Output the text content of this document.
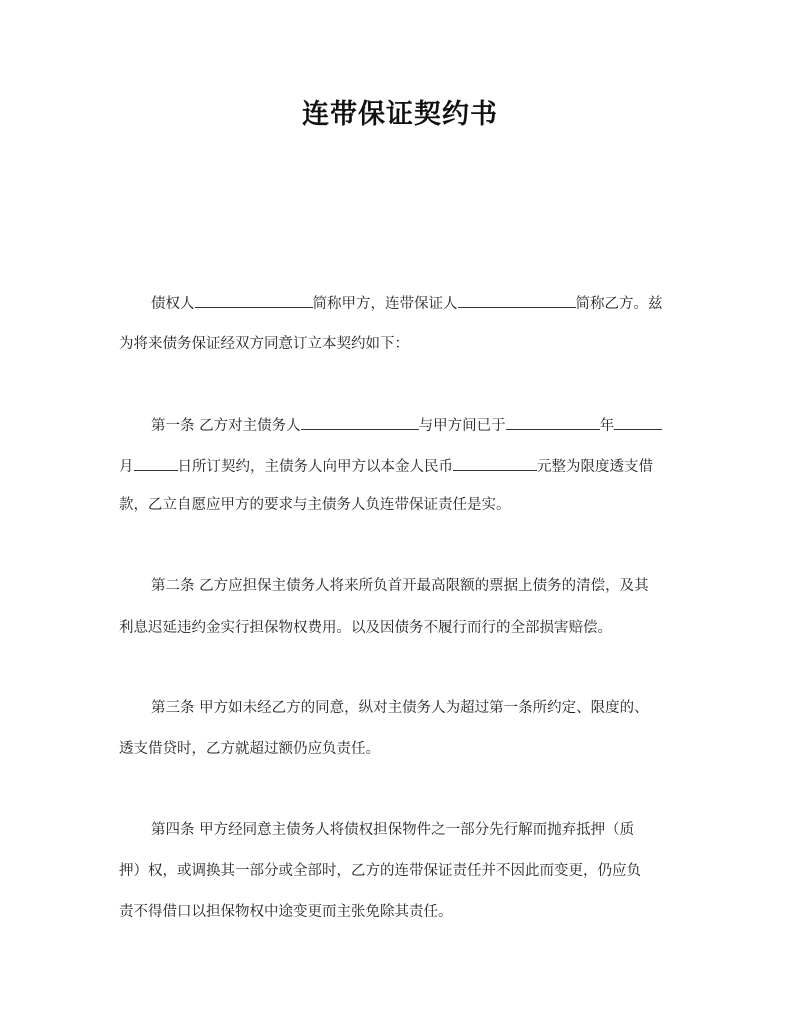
连带保证契约书
债权人	简称甲方，连带保证人	简称乙方。兹
为将来债务保证经双方同意订立本契约如下：
第一条 乙方对主债务人	与甲方间已于	年
月	日所订契约，主债务人向甲方以本金人民币	元整为限度透支借
款，乙立自愿应甲方的要求与主债务人负连带保证责任是实。
第二条 乙方应担保主债务人将来所负首开最高限额的票据上债务的清偿，及其
利息迟延违约金实行担保物权费用。以及因债务不履行而行的全部损害赔偿。
第三条 甲方如未经乙方的同意，纵对主债务人为超过第一条所约定、限度的、
透支借贷时，乙方就超过额仍应负责任。
第四条 甲方经同意主债务人将债权担保物件之一部分先行解而抛弃抵押（质
押）权，或调换其一部分或全部时，乙方的连带保证责任并不因此而变更，仍应负
责不得借口以担保物权中途变更而主张免除其责任。
